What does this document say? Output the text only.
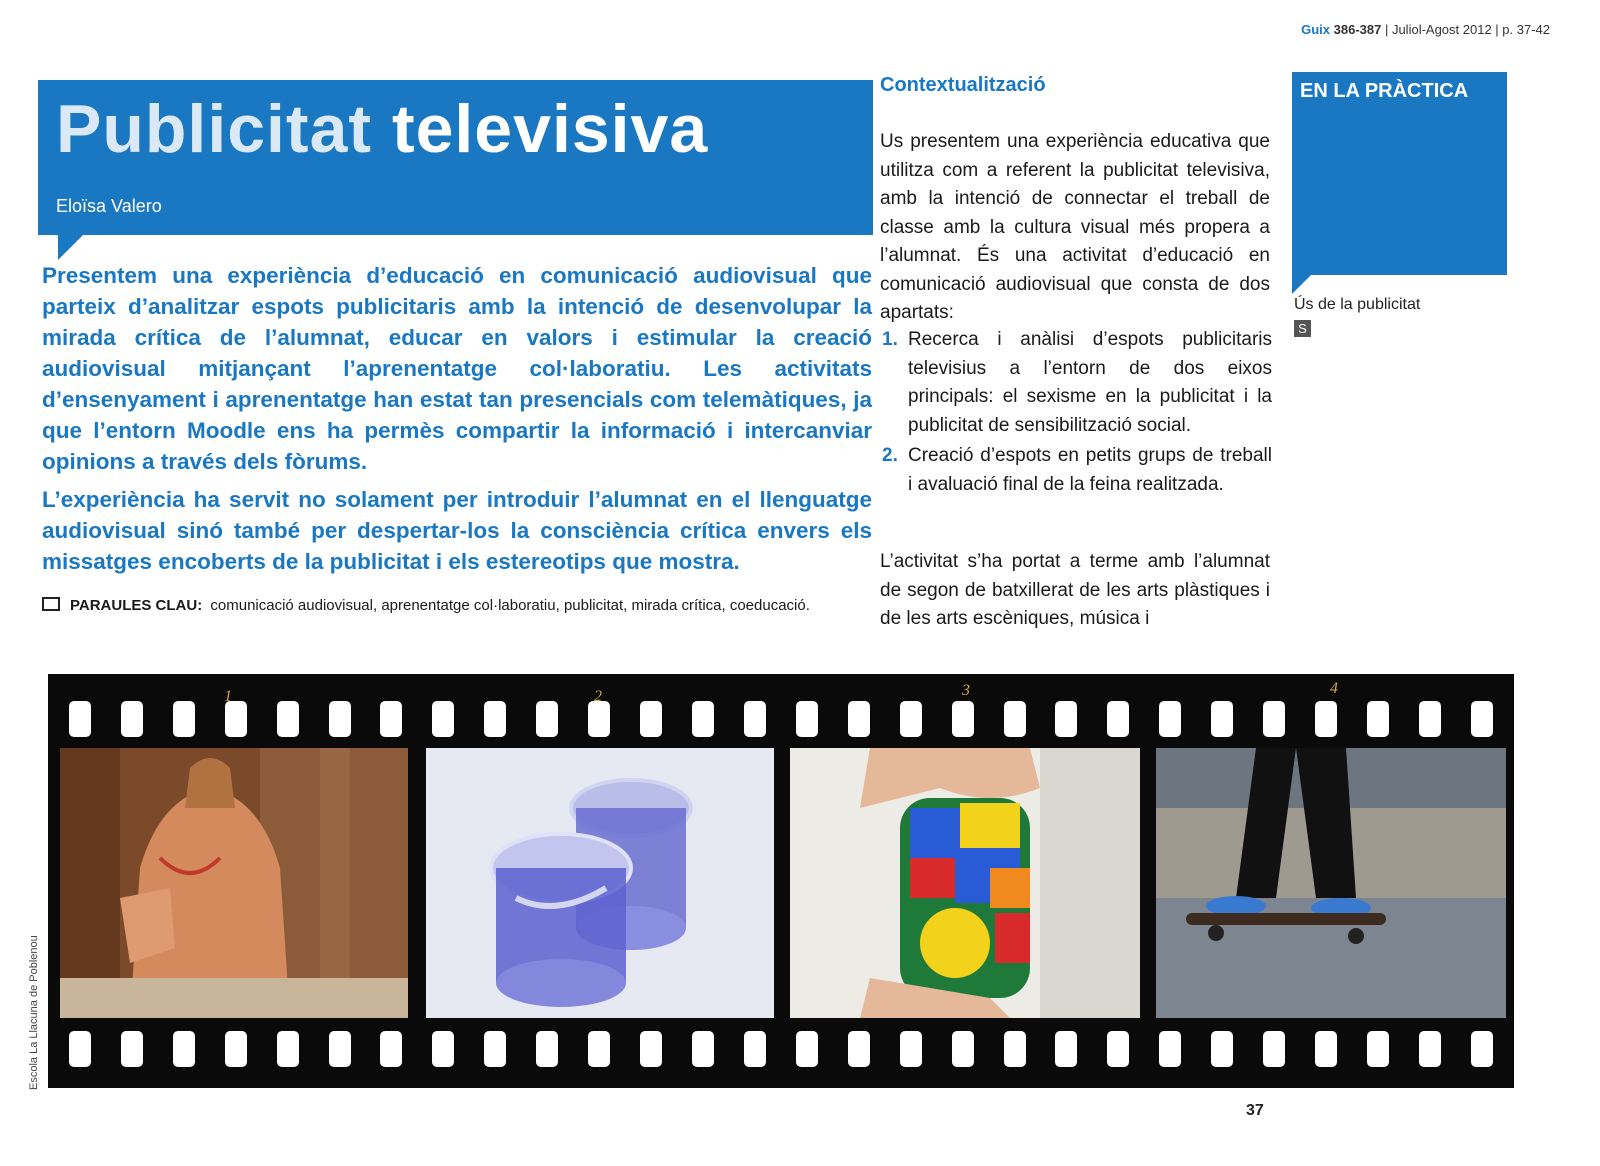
Guix 386-387 | Juliol-Agost 2012 | p. 37-42
Publicitat televisiva
Eloïsa Valero
Presentem una experiència d’educació en comunicació audiovisual que parteix d’analitzar espots publicitaris amb la intenció de desenvolupar la mirada crítica de l’alumnat, educar en valors i estimular la creació audiovisual mitjançant l’aprenentatge col·laboratiu. Les activitats d’ensenyament i aprenentatge han estat tan presencials com telemàtiques, ja que l’entorn Moodle ens ha permès compartir la informació i intercanviar opinions a través dels fòrums.
L’experiència ha servit no solament per introduir l’alumnat en el llenguatge audiovisual sinó també per despertar-los la consciència crítica envers els missatges encoberts de la publicitat i els estereotips que mostra.
PARAULES CLAU: comunicació audiovisual, aprenentatge col·laboratiu, publicitat, mirada crítica, coeducació.
Contextualització
Us presentem una experiència educativa que utilitza com a referent la publicitat televisiva, amb la intenció de connectar el treball de classe amb la cultura visual més propera a l’alumnat. És una activitat d’educació en comunicació audiovisual que consta de dos apartats:
1. Recerca i anàlisi d’espots publicitaris televisius a l’entorn de dos eixos principals: el sexisme en la publicitat i la publicitat de sensibilització social.
2. Creació d’espots en petits grups de treball i avaluació final de la feina realitzada.
L’activitat s’ha portat a terme amb l’alumnat de segon de batxillerat de les arts plàstiques i de les arts escèniques, música i
EN LA PRÀCTICA
Ús de la publicitat
S
1	2	3	4
Escola La Llacuna de Poblenou
37
